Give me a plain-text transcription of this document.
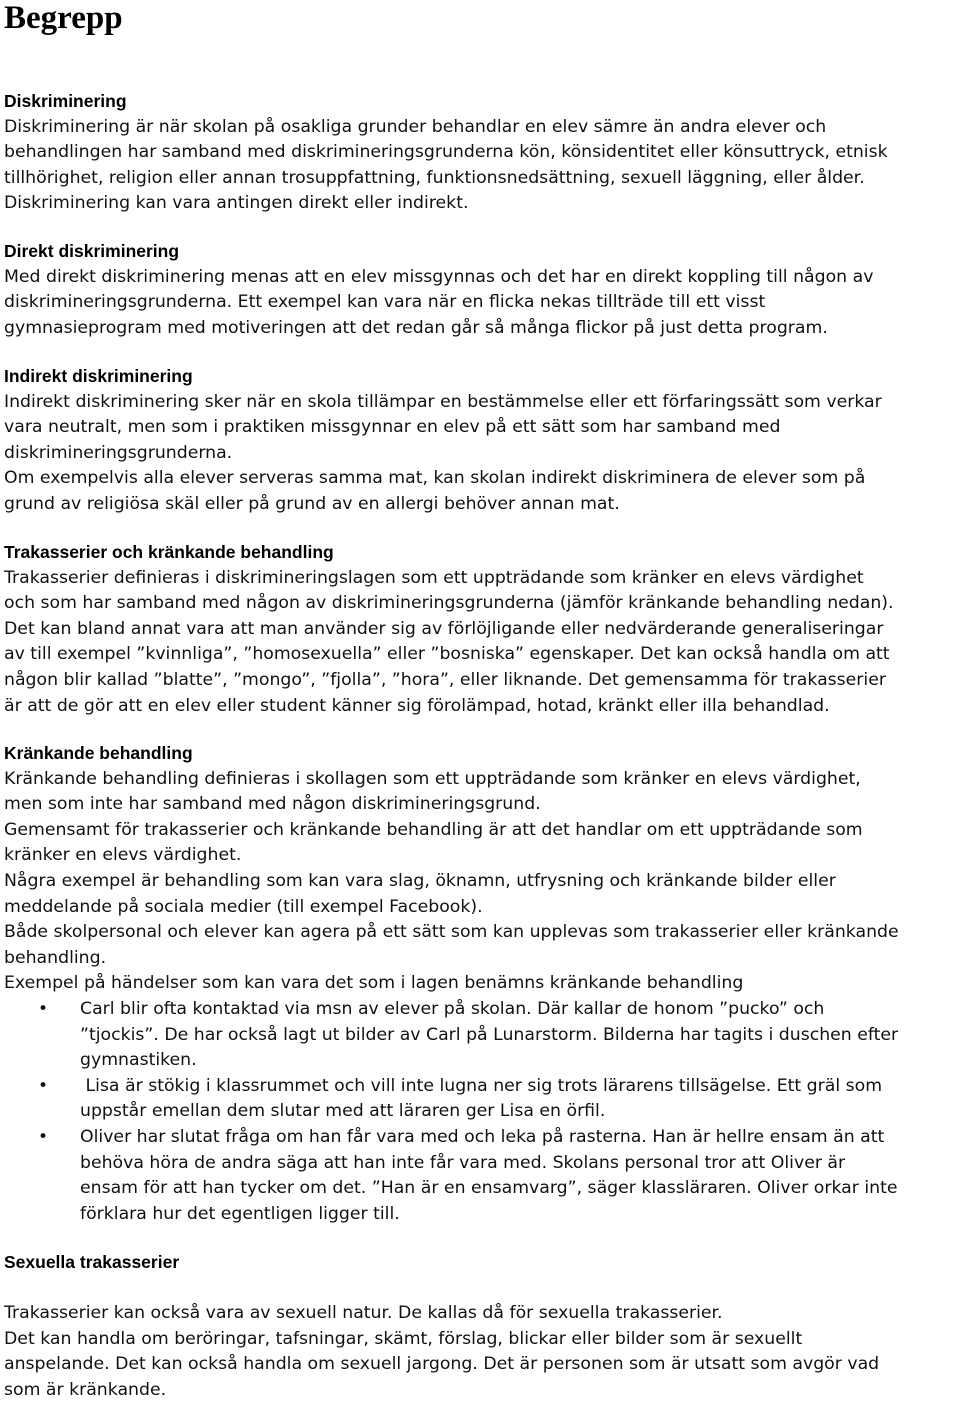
Begrepp
Diskriminering

Diskriminering är när skolan på osakliga grunder behandlar en elev sämre än andra elever och

behandlingen har samband med diskrimineringsgrunderna kön, könsidentitet eller könsuttryck, etnisk

tillhörighet, religion eller annan trosuppfattning, funktionsnedsättning, sexuell läggning, eller ålder.

Diskriminering kan vara antingen direkt eller indirekt.

Direkt diskriminering

Med direkt diskriminering menas att en elev missgynnas och det har en direkt koppling till någon av

diskrimineringsgrunderna. Ett exempel kan vara när en flicka nekas tillträde till ett visst

gymnasieprogram med motiveringen att det redan går så många flickor på just detta program.

Indirekt diskriminering

Indirekt diskriminering sker när en skola tillämpar en bestämmelse eller ett förfaringssätt som verkar

vara neutralt, men som i praktiken missgynnar en elev på ett sätt som har samband med

diskrimineringsgrunderna.

Om exempelvis alla elever serveras samma mat, kan skolan indirekt diskriminera de elever som på

grund av religiösa skäl eller på grund av en allergi behöver annan mat.

Trakasserier och kränkande behandling

Trakasserier definieras i diskrimineringslagen som ett uppträdande som kränker en elevs värdighet

och som har samband med någon av diskrimineringsgrunderna (jämför kränkande behandling nedan).

Det kan bland annat vara att man använder sig av förlöjligande eller nedvärderande generaliseringar

av till exempel ”kvinnliga”, ”homosexuella” eller ”bosniska” egenskaper. Det kan också handla om att

någon blir kallad ”blatte”, ”mongo”, ”fjolla”, ”hora”, eller liknande. Det gemensamma för trakasserier

är att de gör att en elev eller student känner sig förolämpad, hotad, kränkt eller illa behandlad.

Kränkande behandling

Kränkande behandling definieras i skollagen som ett uppträdande som kränker en elevs värdighet,

men som inte har samband med någon diskrimineringsgrund.

Gemensamt för trakasserier och kränkande behandling är att det handlar om ett uppträdande som

kränker en elevs värdighet.

Några exempel är behandling som kan vara slag, öknamn, utfrysning och kränkande bilder eller

meddelande på sociala medier (till exempel Facebook).

Både skolpersonal och elever kan agera på ett sätt som kan upplevas som trakasserier eller kränkande

behandling.

Exempel på händelser som kan vara det som i lagen benämns kränkande behandling

• Carl blir ofta kontaktad via msn av elever på skolan. Där kallar de honom ”pucko” och
”tjockis”. De har också lagt ut bilder av Carl på Lunarstorm. Bilderna har tagits i duschen efter
gymnastiken.
• Lisa är stökig i klassrummet och vill inte lugna ner sig trots lärarens tillsägelse. Ett gräl som
uppstår emellan dem slutar med att läraren ger Lisa en örfil.
• Oliver har slutat fråga om han får vara med och leka på rasterna. Han är hellre ensam än att
behöva höra de andra säga att han inte får vara med. Skolans personal tror att Oliver är
ensam för att han tycker om det. ”Han är en ensamvarg”, säger klassläraren. Oliver orkar inte
förklara hur det egentligen ligger till.
Sexuella trakasserier

Trakasserier kan också vara av sexuell natur. De kallas då för sexuella trakasserier.

Det kan handla om beröringar, tafsningar, skämt, förslag, blickar eller bilder som är sexuellt

anspelande. Det kan också handla om sexuell jargong. Det är personen som är utsatt som avgör vad

som är kränkande.
